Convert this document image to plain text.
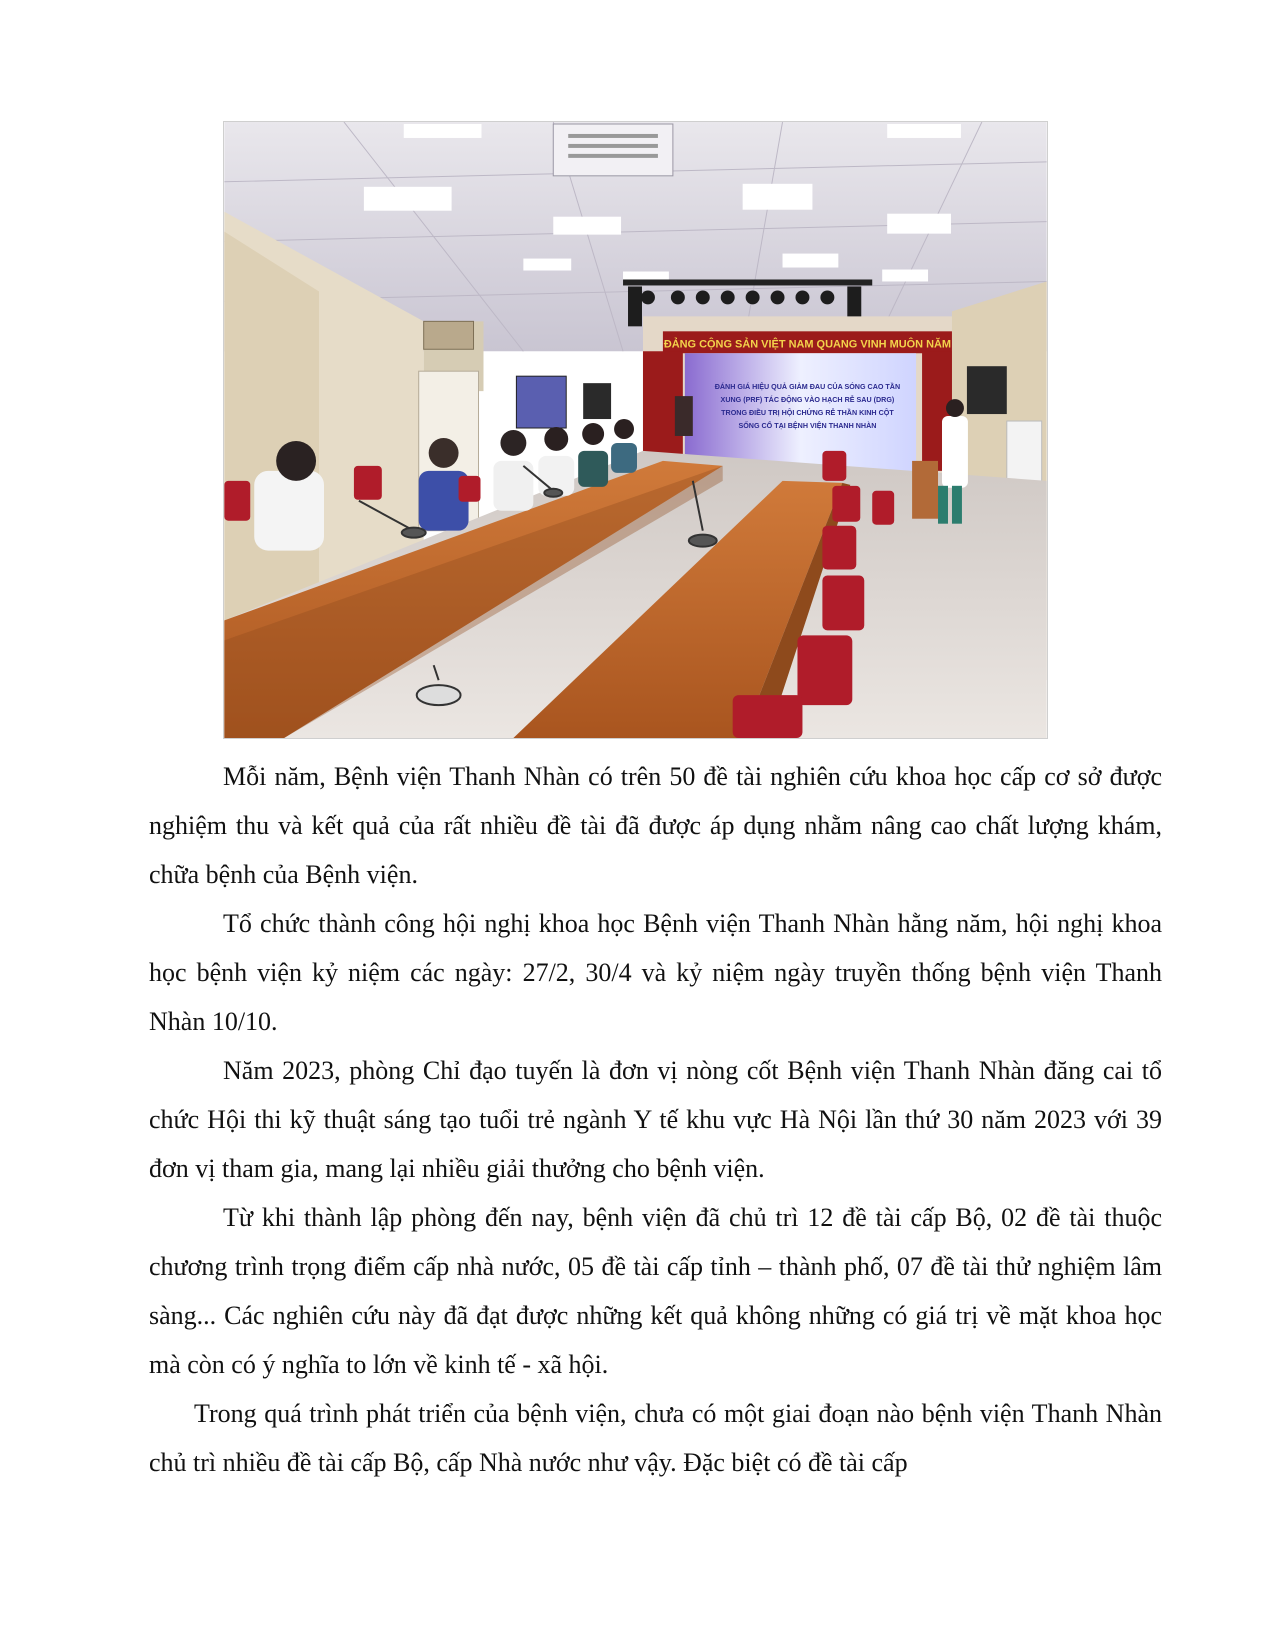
ĐẢNG CỘNG SẢN VIỆT NAM QUANG VINH MUÔN NĂM
ĐÁNH GIÁ HIỆU QUẢ GIẢM ĐAU CỦA SÓNG CAO TẦN
XUNG (PRF) TÁC ĐỘNG VÀO HẠCH RỄ SAU (DRG)
TRONG ĐIỀU TRỊ HỘI CHỨNG RỄ THẦN KINH CỘT
SỐNG CỔ TẠI BỆNH VIỆN THANH NHÀN

Mỗi năm, Bệnh viện Thanh Nhàn có trên 50 đề tài nghiên cứu khoa học cấp cơ sở được nghiệm thu và kết quả của rất nhiều đề tài đã được áp dụng nhằm nâng cao chất lượng khám, chữa bệnh của Bệnh viện.

Tổ chức thành công hội nghị khoa học Bệnh viện Thanh Nhàn hằng năm, hội nghị khoa học bệnh viện kỷ niệm các ngày: 27/2, 30/4 và kỷ niệm ngày truyền thống bệnh viện Thanh Nhàn 10/10.

Năm 2023, phòng Chỉ đạo tuyến là đơn vị nòng cốt Bệnh viện Thanh Nhàn đăng cai tổ chức Hội thi kỹ thuật sáng tạo tuổi trẻ ngành Y tế khu vực Hà Nội lần thứ 30 năm 2023 với 39 đơn vị tham gia, mang lại nhiều giải thưởng cho bệnh viện.

Từ khi thành lập phòng đến nay, bệnh viện đã chủ trì 12 đề tài cấp Bộ, 02 đề tài thuộc chương trình trọng điểm cấp nhà nước, 05 đề tài cấp tỉnh – thành phố, 07 đề tài thử nghiệm lâm sàng... Các nghiên cứu này đã đạt được những kết quả không những có giá trị về mặt khoa học mà còn có ý nghĩa to lớn về kinh tế - xã hội.

Trong quá trình phát triển của bệnh viện, chưa có một giai đoạn nào bệnh viện Thanh Nhàn chủ trì nhiều đề tài cấp Bộ, cấp Nhà nước như vậy. Đặc biệt có đề tài cấp
